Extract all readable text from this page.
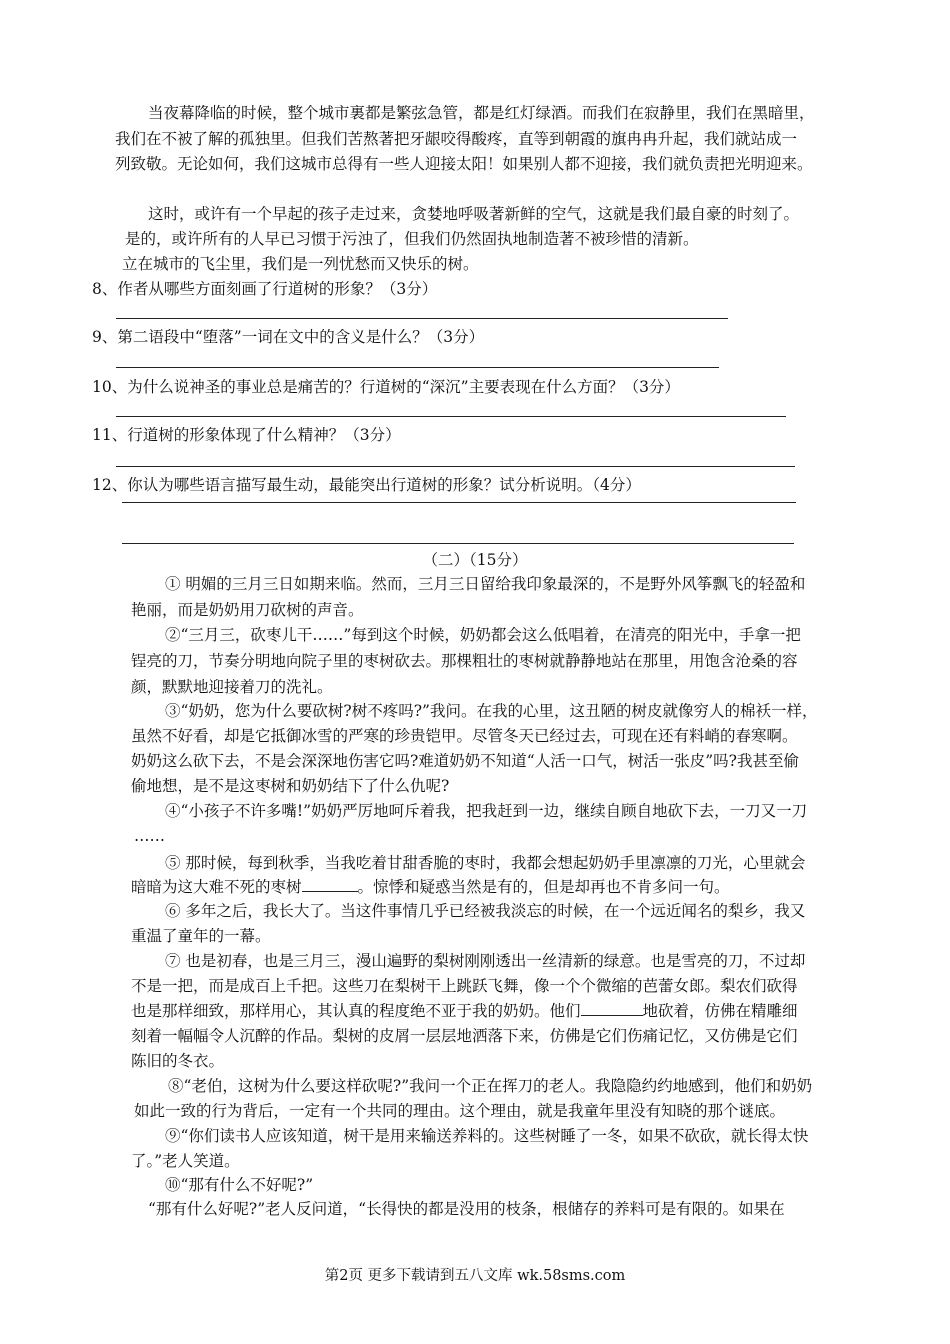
当夜幕降临的时候，整个城市裏都是繁弦急管，都是红灯绿酒。而我们在寂静里，我们在黑暗里，
我们在不被了解的孤独里。但我们苦熬著把牙龈咬得酸疼，直等到朝霞的旗冉冉升起，我们就站成一
列致敬。无论如何，我们这城市总得有一些人迎接太阳！如果别人都不迎接，我们就负责把光明迎来。
这时，或许有一个早起的孩子走过来，贪婪地呼吸著新鲜的空气，这就是我们最自豪的时刻了。
是的，或许所有的人早已习惯于污浊了，但我们仍然固执地制造著不被珍惜的清新。
立在城市的飞尘里，我们是一列忧愁而又快乐的树。
8、作者从哪些方面刻画了行道树的形象？（3分）
9、第二语段中“堕落”一词在文中的含义是什么？（3分）
10、为什么说神圣的事业总是痛苦的？行道树的“深沉”主要表现在什么方面？（3分）
11、行道树的形象体现了什么精神？（3分）
12、你认为哪些语言描写最生动，最能突出行道树的形象？试分析说明。（4分）
（二）（15分）
① 明媚的三月三日如期来临。然而，三月三日留给我印象最深的，不是野外风筝飘飞的轻盈和
艳丽，而是奶奶用刀砍树的声音。
②“三月三，砍枣儿干……”每到这个时候，奶奶都会这么低唱着，在清亮的阳光中，手拿一把
锃亮的刀，节奏分明地向院子里的枣树砍去。那棵粗壮的枣树就静静地站在那里，用饱含沧桑的容
颜，默默地迎接着刀的洗礼。
③“奶奶，您为什么要砍树?树不疼吗?”我问。在我的心里，这丑陋的树皮就像穷人的棉袄一样，
虽然不好看，却是它抵御冰雪的严寒的珍贵铠甲。尽管冬天已经过去，可现在还有料峭的春寒啊。
奶奶这么砍下去，不是会深深地伤害它吗?难道奶奶不知道“人活一口气，树活一张皮”吗?我甚至偷
偷地想，是不是这枣树和奶奶结下了什么仇呢?
④“小孩子不许多嘴!”奶奶严厉地呵斥着我，把我赶到一边，继续自顾自地砍下去，一刀又一刀
……
⑤ 那时候，每到秋季，当我吃着甘甜香脆的枣时，我都会想起奶奶手里凛凛的刀光，心里就会
暗暗为这大难不死的枣树	。惊悸和疑惑当然是有的，但是却再也不肯多问一句。
⑥ 多年之后，我长大了。当这件事情几乎已经被我淡忘的时候，在一个远近闻名的梨乡，我又
重温了童年的一幕。
⑦ 也是初春，也是三月三，漫山遍野的梨树刚刚透出一丝清新的绿意。也是雪亮的刀，不过却
不是一把，而是成百上千把。这些刀在梨树干上跳跃飞舞，像一个个微缩的芭蕾女郎。梨农们砍得
也是那样细致，那样用心，其认真的程度绝不亚于我的奶奶。他们	地砍着，仿佛在精雕细
刻着一幅幅令人沉醉的作品。梨树的皮屑一层层地洒落下来，仿佛是它们伤痛记忆，又仿佛是它们
陈旧的冬衣。
⑧“老伯，这树为什么要这样砍呢?”我问一个正在挥刀的老人。我隐隐约约地感到，他们和奶奶
如此一致的行为背后，一定有一个共同的理由。这个理由，就是我童年里没有知晓的那个谜底。
⑨“你们读书人应该知道，树干是用来输送养料的。这些树睡了一冬，如果不砍砍，就长得太快
了。”老人笑道。
⑩“那有什么不好呢?”
“那有什么好呢?”老人反问道，“长得快的都是没用的枝条，根储存的养料可是有限的。如果在
第2页 更多下载请到五八文库 wk.58sms.com
